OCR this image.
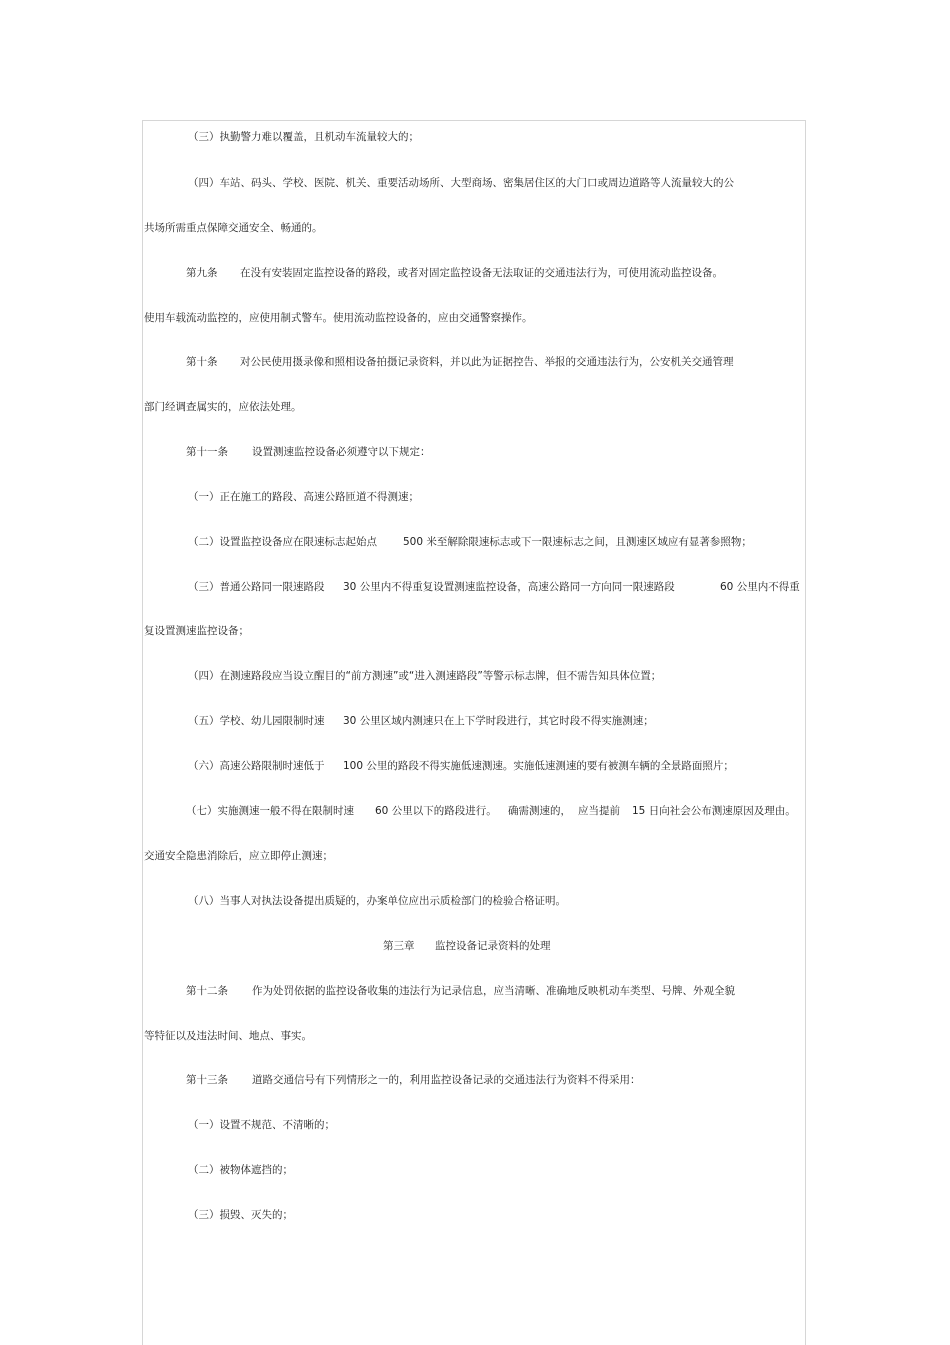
（三）执勤警力难以覆盖，且机动车流量较大的；
（四）车站、码头、学校、医院、机关、重要活动场所、大型商场、密集居住区的大门口或周边道路等人流量较大的公
共场所需重点保障交通安全、畅通的。
第九条 在没有安装固定监控设备的路段，或者对固定监控设备无法取证的交通违法行为，可使用流动监控设备。
使用车载流动监控的，应使用制式警车。使用流动监控设备的，应由交通警察操作。
第十条 对公民使用摄录像和照相设备拍摄记录资料，并以此为证据控告、举报的交通违法行为，公安机关交通管理
部门经调查属实的，应依法处理。
第十一条 设置测速监控设备必须遵守以下规定：
（一）正在施工的路段、高速公路匝道不得测速；
（二）设置监控设备应在限速标志起始点 500 米至解除限速标志或下一限速标志之间，且测速区域应有显著参照物；
（三）普通公路同一限速路段 30 公里内不得重复设置测速监控设备，高速公路同一方向同一限速路段	60 公里内不得重
复设置测速监控设备；
（四）在测速路段应当设立醒目的“前方测速”或“进入测速路段”等警示标志牌，但不需告知具体位置；
（五）学校、幼儿园限制时速 30 公里区域内测速只在上下学时段进行，其它时段不得实施测速；
（六）高速公路限制时速低于 100 公里的路段不得实施低速测速。实施低速测速的要有被测车辆的全景路面照片；
（七）实施测速一般不得在限制时速 60 公里以下的路段进行。 确需测速的， 应当提前 15 日向社会公布测速原因及理由。
交通安全隐患消除后，应立即停止测速；
（八）当事人对执法设备提出质疑的，办案单位应出示质检部门的检验合格证明。
第三章 监控设备记录资料的处理
第十二条 作为处罚依据的监控设备收集的违法行为记录信息，应当清晰、准确地反映机动车类型、号牌、外观全貌
等特征以及违法时间、地点、事实。
第十三条 道路交通信号有下列情形之一的，利用监控设备记录的交通违法行为资料不得采用：
（一）设置不规范、不清晰的；
（二）被物体遮挡的；
（三）损毁、灭失的；
